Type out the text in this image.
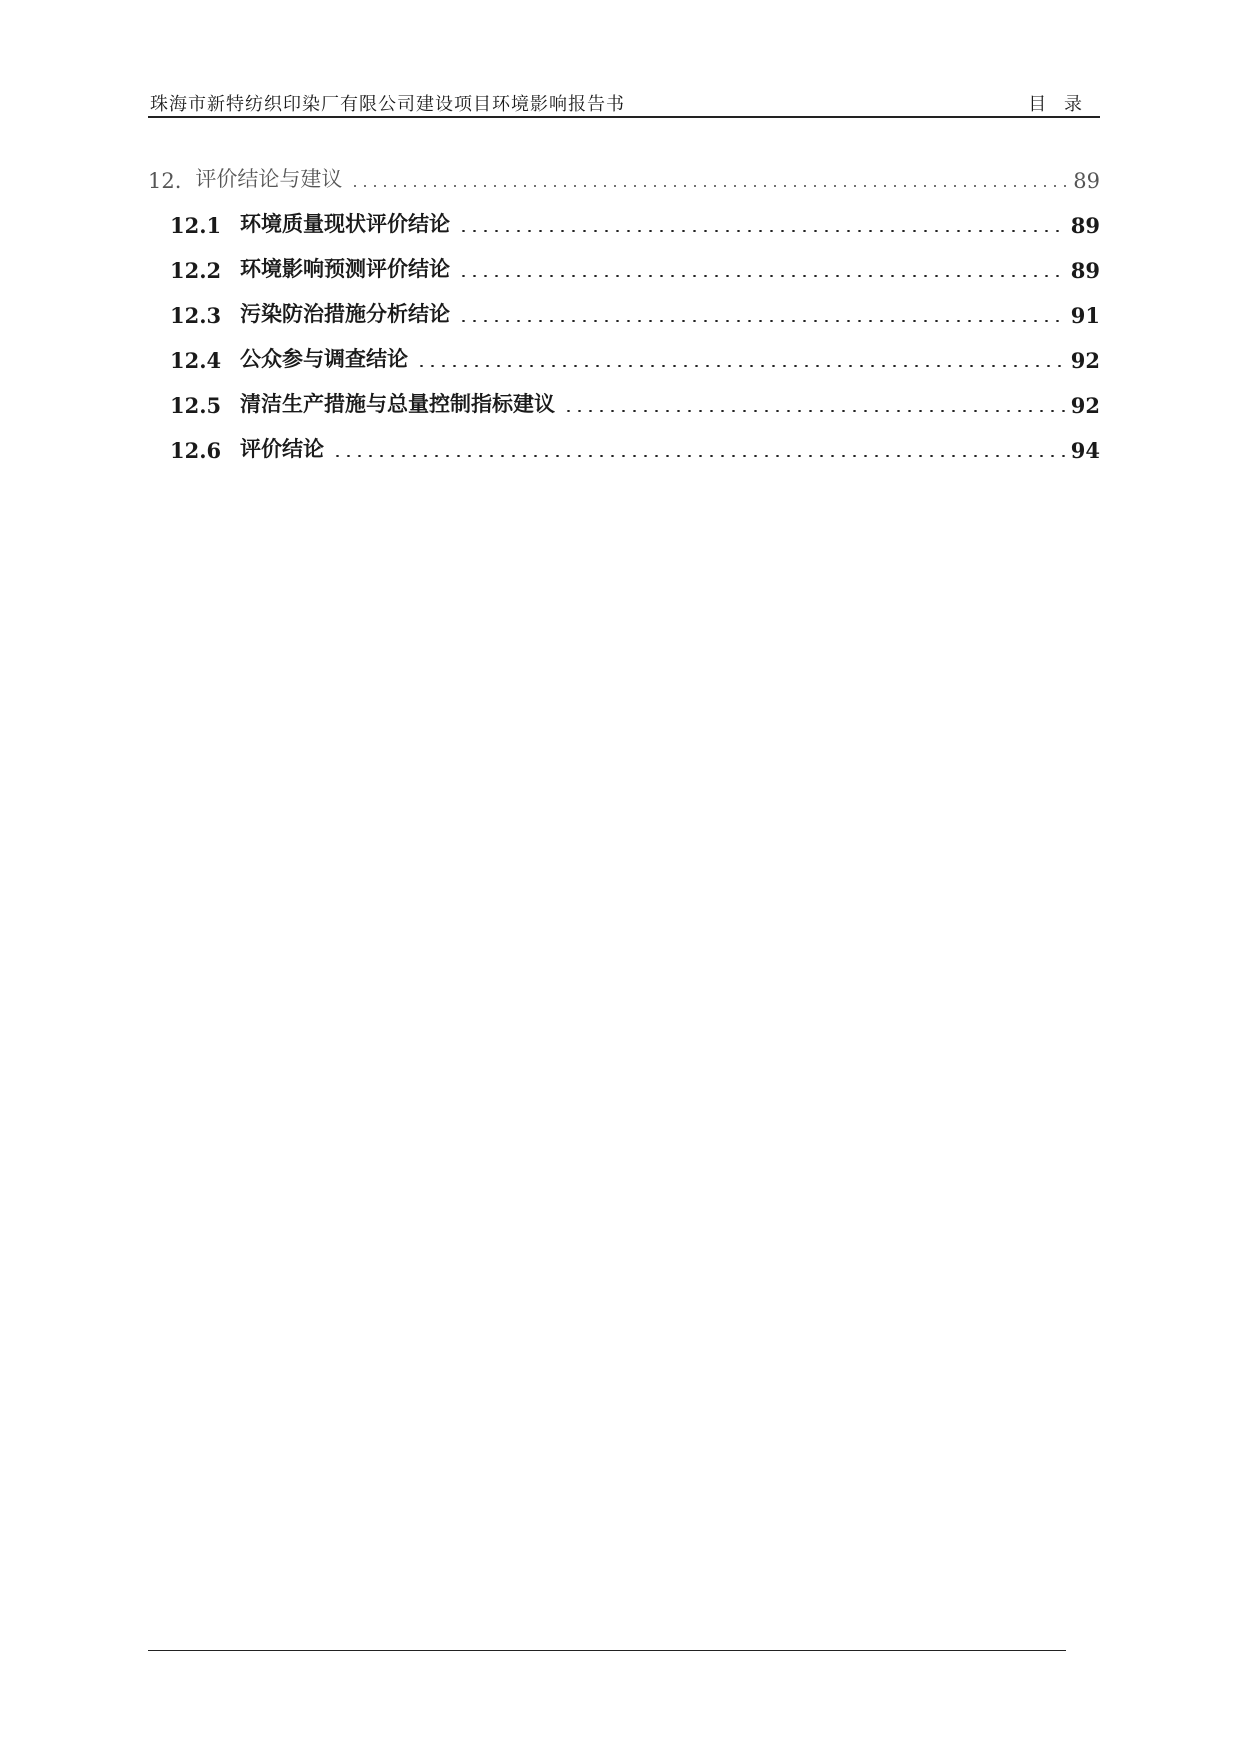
珠海市新特纺织印染厂有限公司建设项目环境影响报告书	目 录
12. 评价结论与建议	89
12.1 环境质量现状评价结论	89
12.2 环境影响预测评价结论	89
12.3 污染防治措施分析结论	91
12.4 公众参与调查结论	92
12.5 清洁生产措施与总量控制指标建议	92
12.6 评价结论	94
